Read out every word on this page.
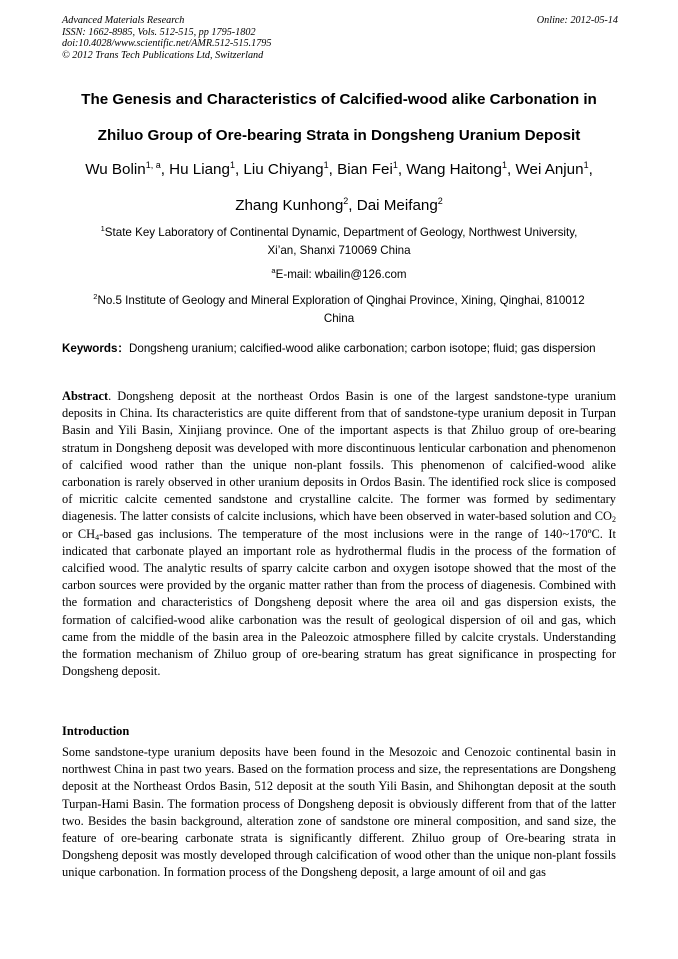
Advanced Materials Research
ISSN: 1662-8985, Vols. 512-515, pp 1795-1802
doi:10.4028/www.scientific.net/AMR.512-515.1795
© 2012 Trans Tech Publications Ltd, Switzerland
Online: 2012-05-14
The Genesis and Characteristics of Calcified-wood alike Carbonation in
Zhiluo Group of Ore-bearing Strata in Dongsheng Uranium Deposit
Wu Bolin$^{1, a}$, Hu Liang$^1$, Liu Chiyang$^1$, Bian Fei$^1$, Wang Haitong$^1$, Wei Anjun$^1$,
Zhang Kunhong$^2$, Dai Meifang$^2$
$^1$State Key Laboratory of Continental Dynamic, Department of Geology, Northwest University,
Xi’an, Shanxi 710069 China
$^a$E-mail: wbailin@126.com
$^2$No.5 Institute of Geology and Mineral Exploration of Qinghai Province, Xining, Qinghai, 810012
China
Keywords：Dongsheng uranium; calcified-wood alike carbonation; carbon isotope; fluid; gas dispersion
Abstract. Dongsheng deposit at the northeast Ordos Basin is one of the largest sandstone-type uranium deposits in China. Its characteristics are quite different from that of sandstone-type uranium deposit in Turpan Basin and Yili Basin, Xinjiang province. One of the important aspects is that Zhiluo group of ore-bearing stratum in Dongsheng deposit was developed with more discontinuous lenticular carbonation and phenomenon of calcified wood rather than the unique non-plant fossils. This phenomenon of calcified-wood alike carbonation is rarely observed in other uranium deposits in Ordos Basin. The identified rock slice is composed of micritic calcite cemented sandstone and crystalline calcite. The former was formed by sedimentary diagenesis. The latter consists of calcite inclusions, which have been observed in water-based solution and $CO_2$ or $CH_4$-based gas inclusions. The temperature of the most inclusions were in the range of 140~170ºC. It indicated that carbonate played an important role as hydrothermal fludis in the process of the formation of calcified wood. The analytic results of sparry calcite carbon and oxygen isotope showed that the most of the carbon sources were provided by the organic matter rather than from the process of diagenesis. Combined with the formation and characteristics of Dongsheng deposit where the area oil and gas dispersion exists, the formation of calcified-wood alike carbonation was the result of geological dispersion of oil and gas, which came from the middle of the basin area in the Paleozoic atmosphere filled by calcite crystals. Understanding the formation mechanism of Zhiluo group of ore-bearing stratum has great significance in prospecting for Dongsheng deposit.
Introduction
Some sandstone-type uranium deposits have been found in the Mesozoic and Cenozoic continental basin in northwest China in past two years. Based on the formation process and size, the representations are Dongsheng deposit at the Northeast Ordos Basin, 512 deposit at the south Yili Basin, and Shihongtan deposit at the south Turpan-Hami Basin. The formation process of Dongsheng deposit is obviously different from that of the latter two. Besides the basin background, alteration zone of sandstone ore mineral composition, and sand size, the feature of ore-bearing carbonate strata is significantly different. Zhiluo group of Ore-bearing strata in Dongsheng deposit was mostly developed through calcification of wood other than the unique non-plant fossils unique carbonation. In formation process of the Dongsheng deposit, a large amount of oil and gas
